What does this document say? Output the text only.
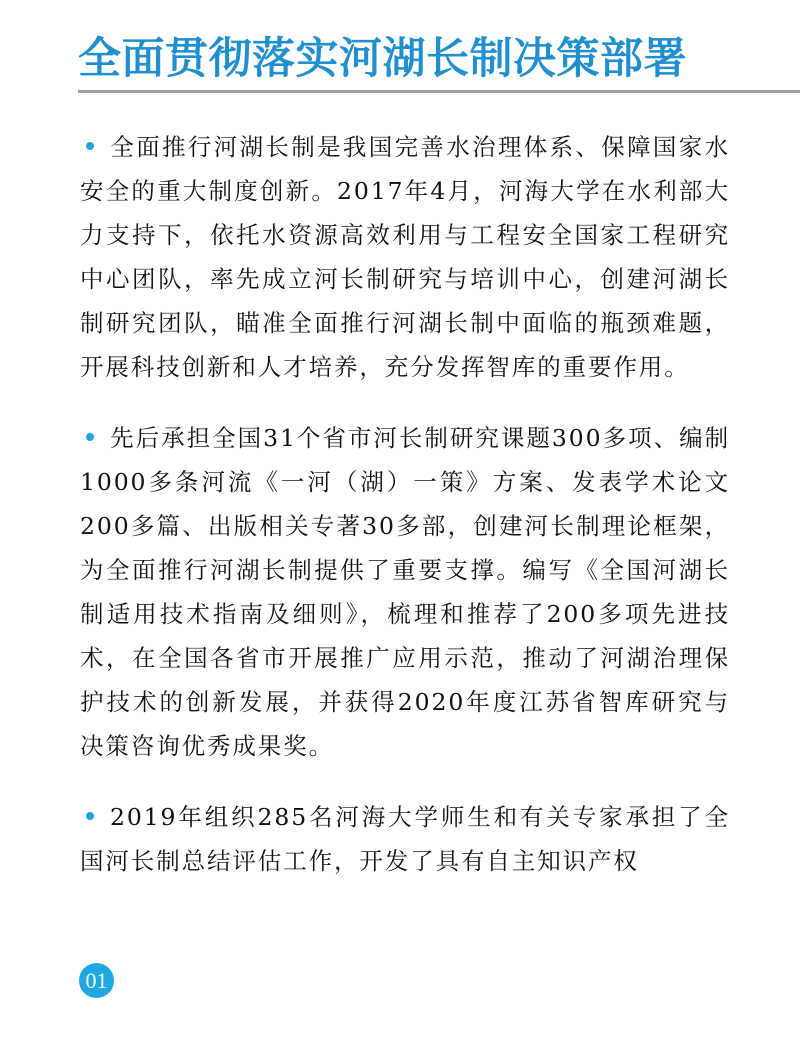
全面贯彻落实河湖长制决策部署

全面推行河湖长制是我国完善水治理体系、保障国家水安全的重大制度创新。2017年4月，河海大学在水利部大力支持下，依托水资源高效利用与工程安全国家工程研究中心团队，率先成立河长制研究与培训中心，创建河湖长制研究团队，瞄准全面推行河湖长制中面临的瓶颈难题，开展科技创新和人才培养，充分发挥智库的重要作用。

先后承担全国31个省市河长制研究课题300多项、编制1000多条河流《一河（湖）一策》方案、发表学术论文200多篇、出版相关专著30多部，创建河长制理论框架，为全面推行河湖长制提供了重要支撑。编写《全国河湖长制适用技术指南及细则》，梳理和推荐了200多项先进技术，在全国各省市开展推广应用示范，推动了河湖治理保护技术的创新发展，并获得2020年度江苏省智库研究与决策咨询优秀成果奖。

2019年组织285名河海大学师生和有关专家承担了全国河长制总结评估工作，开发了具有自主知识产权

01
